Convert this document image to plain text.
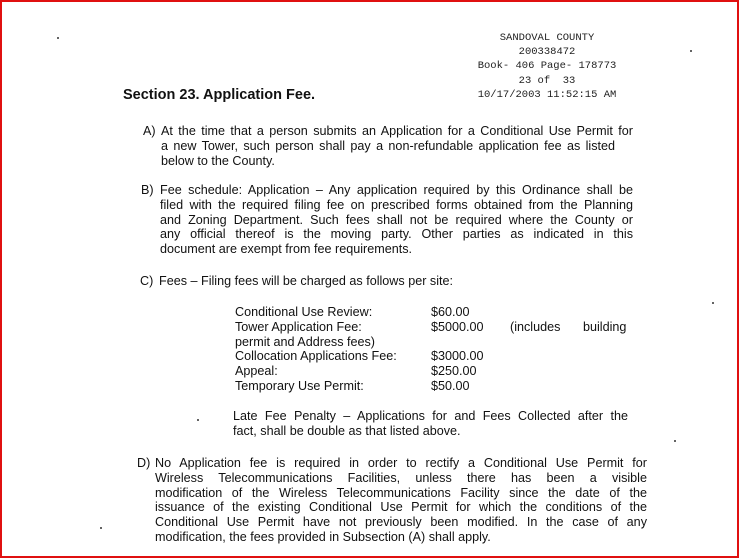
SANDOVAL COUNTY
200338472
Book- 406 Page- 178773
23 of  33
10/17/2003 11:52:15 AM
Section 23. Application Fee.
A) At the time that a person submits an Application for a Conditional Use Permit for
a new Tower, such person shall pay a non-refundable application fee as listed
below to the County.
B) Fee schedule: Application – Any application required by this Ordinance shall be
filed with the required filing fee on prescribed forms obtained from the Planning
and Zoning Department. Such fees shall not be required where the County or
any official thereof is the moving party. Other parties as indicated in this
document are exempt from fee requirements.
C) Fees – Filing fees will be charged as follows per site:
Conditional Use Review:	$60.00
Tower Application Fee:	$5000.00 (includes building
permit and Address fees)
Collocation Applications Fee:	$3000.00
Appeal:	$250.00
Temporary Use Permit:	$50.00
Late Fee Penalty – Applications for and Fees Collected after the
fact, shall be double as that listed above.
D) No Application fee is required in order to rectify a Conditional Use Permit for
Wireless Telecommunications Facilities, unless there has been a visible
modification of the Wireless Telecommunications Facility since the date of the
issuance of the existing Conditional Use Permit for which the conditions of the
Conditional Use Permit have not previously been modified. In the case of any
modification, the fees provided in Subsection (A) shall apply.
